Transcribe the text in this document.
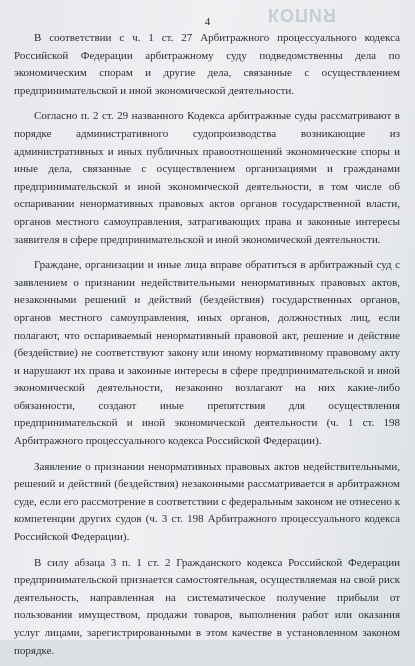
КОПИЯ
4

В соответствии с ч. 1 ст. 27 Арбитражного процессуального кодекса Российской Федерации арбитражному суду подведомственны дела по экономическим спорам и другие дела, связанные с осуществлением предпринимательской и иной экономической деятельности.

Согласно п. 2 ст. 29 названного Кодекса арбитражные суды рассматривают в порядке административного судопроизводства возникающие из административных и иных публичных правоотношений экономические споры и иные дела, связанные с осуществлением организациями и гражданами предпринимательской и иной экономической деятельности, в том числе об оспаривании ненормативных правовых актов органов государственной власти, органов местного самоуправления, затрагивающих права и законные интересы заявителя в сфере предпринимательской и иной экономической деятельности.

Граждане, организации и иные лица вправе обратиться в арбитражный суд с заявлением о признании недействительными ненормативных правовых актов, незаконными решений и действий (бездействия) государственных органов, органов местного самоуправления, иных органов, должностных лиц, если полагают, что оспариваемый ненормативный правовой акт, решение и действие (бездействие) не соответствуют закону или иному нормативному правовому акту и нарушают их права и законные интересы в сфере предпринимательской и иной экономической деятельности, незаконно возлагают на них какие-либо обязанности, создают иные препятствия для осуществления предпринимательской и иной экономической деятельности (ч. 1 ст. 198 Арбитражного процессуального кодекса Российской Федерации).

Заявление о признании ненормативных правовых актов недействительными, решений и действий (бездействия) незаконными рассматривается в арбитражном суде, если его рассмотрение в соответствии с федеральным законом не отнесено к компетенции других судов (ч. 3 ст. 198 Арбитражного процессуального кодекса Российской Федерации).

В силу абзаца 3 п. 1 ст. 2 Гражданского кодекса Российской Федерации предпринимательской признается самостоятельная, осуществляемая на свой риск деятельность, направленная на систематическое получение прибыли от пользования имуществом, продажи товаров, выполнения работ или оказания услуг лицами, зарегистрированными в этом качестве в установленном законом порядке.
